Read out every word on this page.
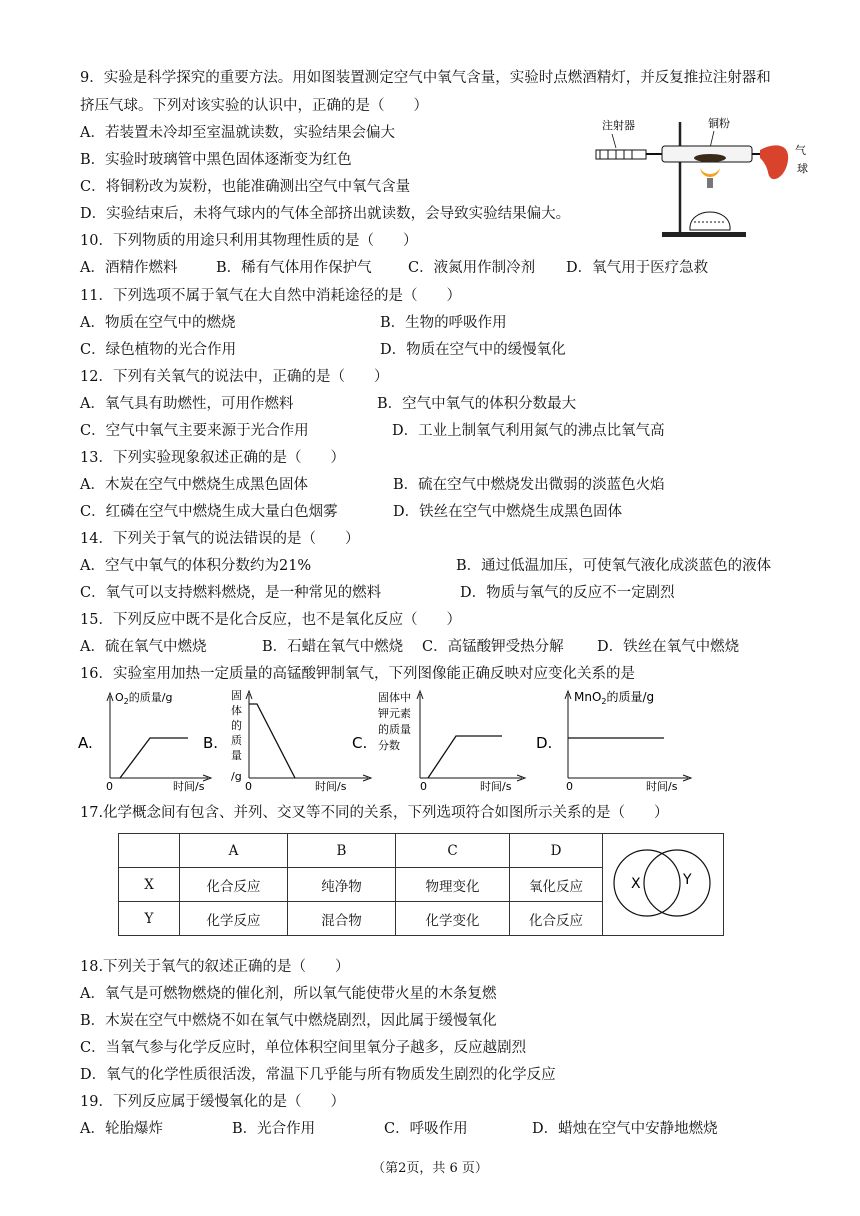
9．实验是科学探究的重要方法。用如图装置测定空气中氧气含量，实验时点燃酒精灯，并反复推拉注射器和
挤压气球。下列对该实验的认识中，正确的是（　　）
A．若装置未冷却至室温就读数，实验结果会偏大
B．实验时玻璃管中黑色固体逐渐变为红色
C．将铜粉改为炭粉，也能准确测出空气中氧气含量
D．实验结束后，未将气球内的气体全部挤出就读数，会导致实验结果偏大。
注射器	铜粉
气
球
10．下列物质的用途只利用其物理性质的是（　　）
A．酒精作燃料	B．稀有气体用作保护气	C．液氮用作制冷剂 D．氧气用于医疗急救
11．下列选项不属于氧气在大自然中消耗途径的是（　　）
A．物质在空气中的燃烧	B．生物的呼吸作用
C．绿色植物的光合作用	D．物质在空气中的缓慢氧化
12．下列有关氧气的说法中，正确的是（　　）
A．氧气具有助燃性，可用作燃料	B．空气中氧气的体积分数最大
C．空气中氧气主要来源于光合作用	D．工业上制氧气利用氮气的沸点比氧气高
13．下列实验现象叙述正确的是（　　）
A．木炭在空气中燃烧生成黑色固体	B．硫在空气中燃烧发出微弱的淡蓝色火焰
C．红磷在空气中燃烧生成大量白色烟雾	D．铁丝在空气中燃烧生成黑色固体
14．下列关于氧气的说法错误的是（　　）
A．空气中氧气的体积分数约为21%	B．通过低温加压，可使氧气液化成淡蓝色的液体
C．氧气可以支持燃料燃烧，是一种常见的燃料	D．物质与氧气的反应不一定剧烈
15．下列反应中既不是化合反应，也不是氧化反应（　　）
A．硫在氧气中燃烧	B．石蜡在氧气中燃烧 C．高锰酸钾受热分解 D．铁丝在氧气中燃烧
16．实验室用加热一定质量的高锰酸钾制氧气，下列图像能正确反映对应变化关系的是
A.
$O_2$的质量/g
0	时间/s
B.
固
体
的
质
量
/g
0	时间/s
C.
固体中
钾元素
的质量
分数
0	时间/s
D.
MnO$_2$的质量/g
0	时间/s
17.化学概念间有包含、并列、交叉等不同的关系，下列选项符合如图所示关系的是（　　）
	A	B	C	D	X Y

X	化合反应	纯净物	物理变化	氧化反应	
Y	化学反应	混合物	化学变化	化合反应	
18.下列关于氧气的叙述正确的是（　　）
A．氧气是可燃物燃烧的催化剂，所以氧气能使带火星的木条复燃
B．木炭在空气中燃烧不如在氧气中燃烧剧烈，因此属于缓慢氧化
C．当氧气参与化学反应时，单位体积空间里氧分子越多，反应越剧烈
D．氧气的化学性质很活泼，常温下几乎能与所有物质发生剧烈的化学反应
19．下列反应属于缓慢氧化的是（　　）
A．轮胎爆炸	B．光合作用	C．呼吸作用	D．蜡烛在空气中安静地燃烧
（第2页，共 6 页）
